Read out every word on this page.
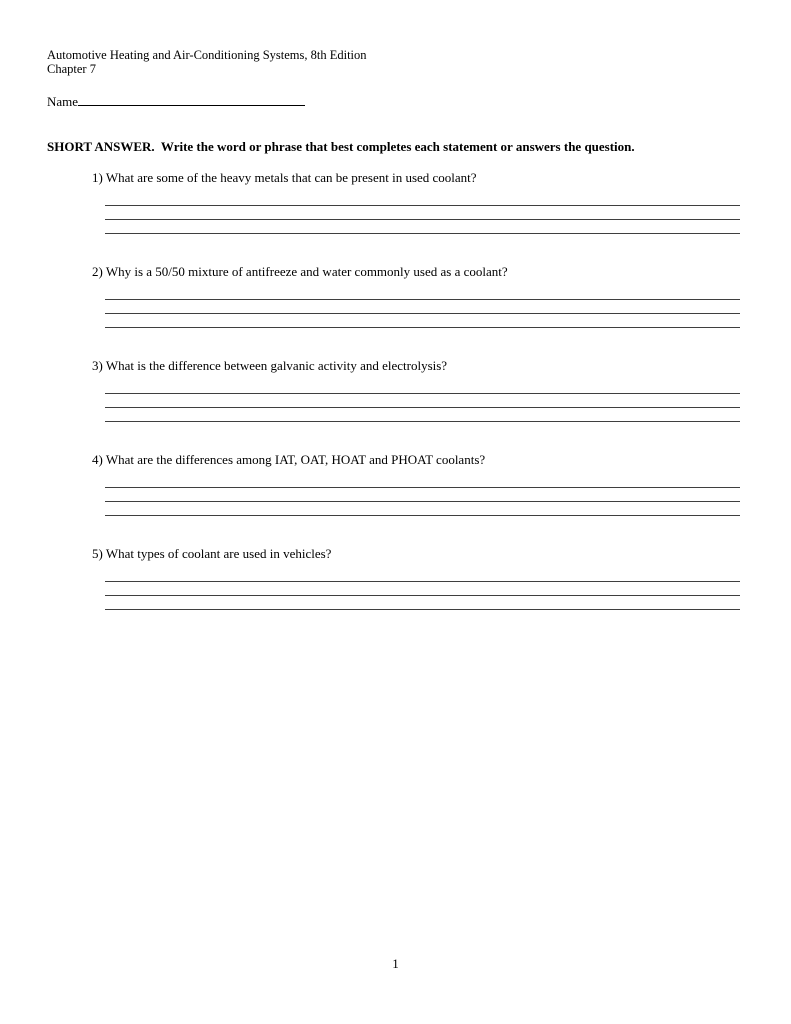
Automotive Heating and Air-Conditioning Systems, 8th Edition
Chapter 7
Name
SHORT ANSWER.  Write the word or phrase that best completes each statement or answers the question.
1) What are some of the heavy metals that can be present in used coolant?
2) Why is a 50/50 mixture of antifreeze and water commonly used as a coolant?
3) What is the difference between galvanic activity and electrolysis?
4) What are the differences among IAT, OAT, HOAT and PHOAT coolants?
5) What types of coolant are used in vehicles?
1
